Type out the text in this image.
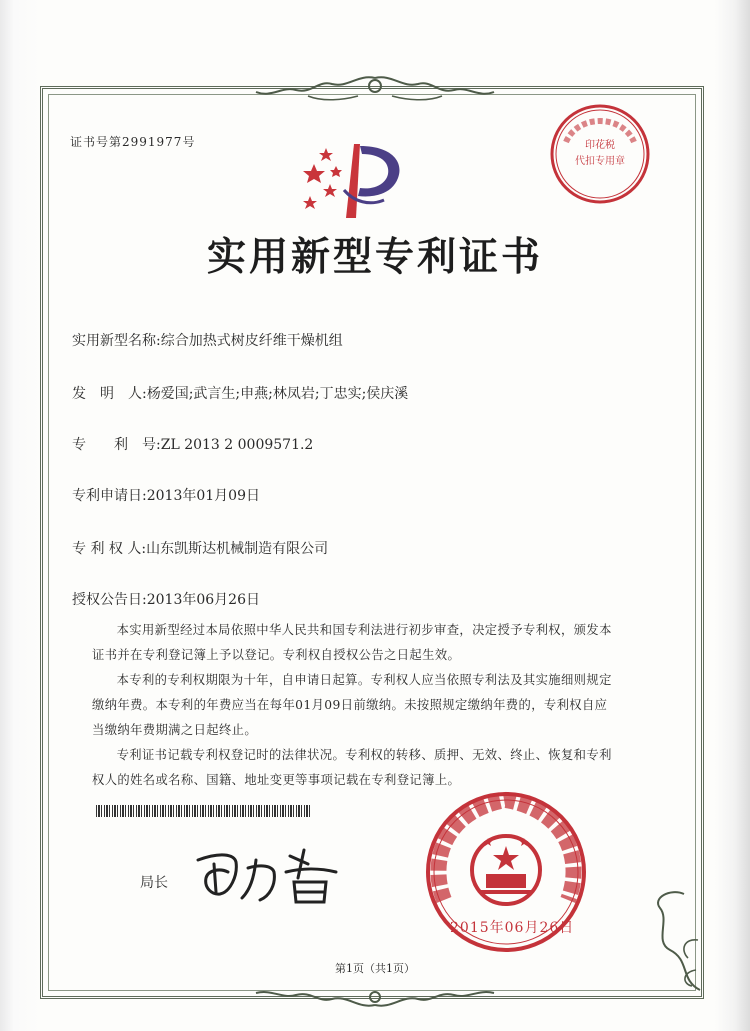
证书号第2991977号
实用新型专利证书
实用新型名称:综合加热式树皮纤维干燥机组
发　明　人:杨爱国;武言生;申燕;林凤岩;丁忠实;侯庆溪
专　　利　号:ZL 2013 2 0009571.2
专利申请日:2013年01月09日
专 利 权 人:山东凯斯达机械制造有限公司
授权公告日:2013年06月26日

本实用新型经过本局依照中华人民共和国专利法进行初步审查，决定授予专利权，颁发本证书并在专利登记簿上予以登记。专利权自授权公告之日起生效。

本专利的专利权期限为十年，自申请日起算。专利权人应当依照专利法及其实施细则规定缴纳年费。本专利的年费应当在每年01月09日前缴纳。未按照规定缴纳年费的，专利权自应当缴纳年费期满之日起终止。

专利证书记载专利权登记时的法律状况。专利权的转移、质押、无效、终止、恢复和专利权人的姓名或名称、国籍、地址变更等事项记载在专利登记簿上。

局长
印花税
代扣专用章
2015年06月26日
第1页（共1页）
